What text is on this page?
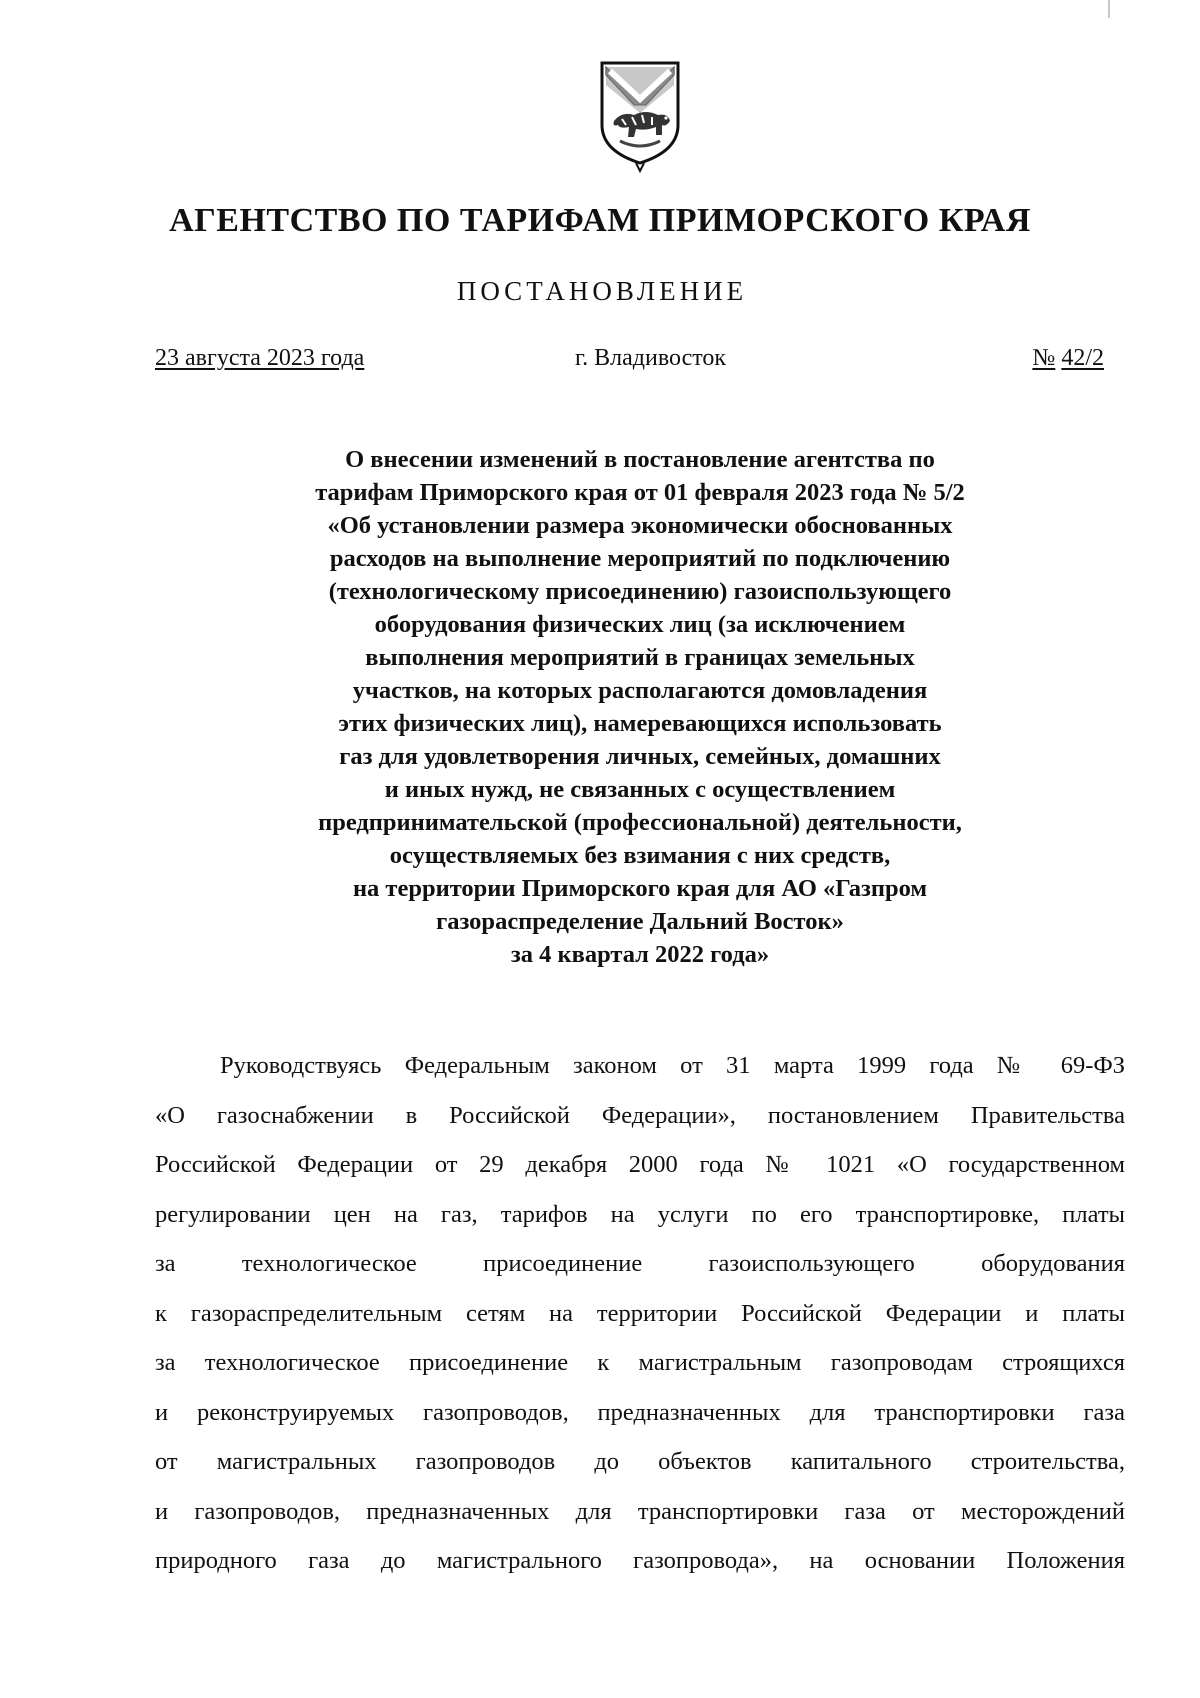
АГЕНТСТВО ПО ТАРИФАМ ПРИМОРСКОГО КРАЯ
ПОСТАНОВЛЕНИЕ
23 августа 2023 года	г. Владивосток	№ 42/2
О внесении изменений в постановление агентства по
тарифам Приморского края от 01 февраля 2023 года № 5/2
«Об установлении размера экономически обоснованных
расходов на выполнение мероприятий по подключению
(технологическому присоединению) газоиспользующего
оборудования физических лиц (за исключением
выполнения мероприятий в границах земельных
участков, на которых располагаются домовладения
этих физических лиц), намеревающихся использовать
газ для удовлетворения личных, семейных, домашних
и иных нужд, не связанных с осуществлением
предпринимательской (профессиональной) деятельности,
осуществляемых без взимания с них средств,
на территории Приморского края для АО «Газпром
газораспределение Дальний Восток»
за 4 квартал 2022 года»
Руководствуясь Федеральным законом от 31 марта 1999 года № 69-ФЗ
«О газоснабжении в Российской Федерации», постановлением Правительства
Российской Федерации от 29 декабря 2000 года № 1021 «О государственном
регулировании цен на газ, тарифов на услуги по его транспортировке, платы
за технологическое присоединение газоиспользующего оборудования
к газораспределительным сетям на территории Российской Федерации и платы
за технологическое присоединение к магистральным газопроводам строящихся
и реконструируемых газопроводов, предназначенных для транспортировки газа
от магистральных газопроводов до объектов капитального строительства,
и газопроводов, предназначенных для транспортировки газа от месторождений
природного газа до магистрального газопровода», на основании Положения
